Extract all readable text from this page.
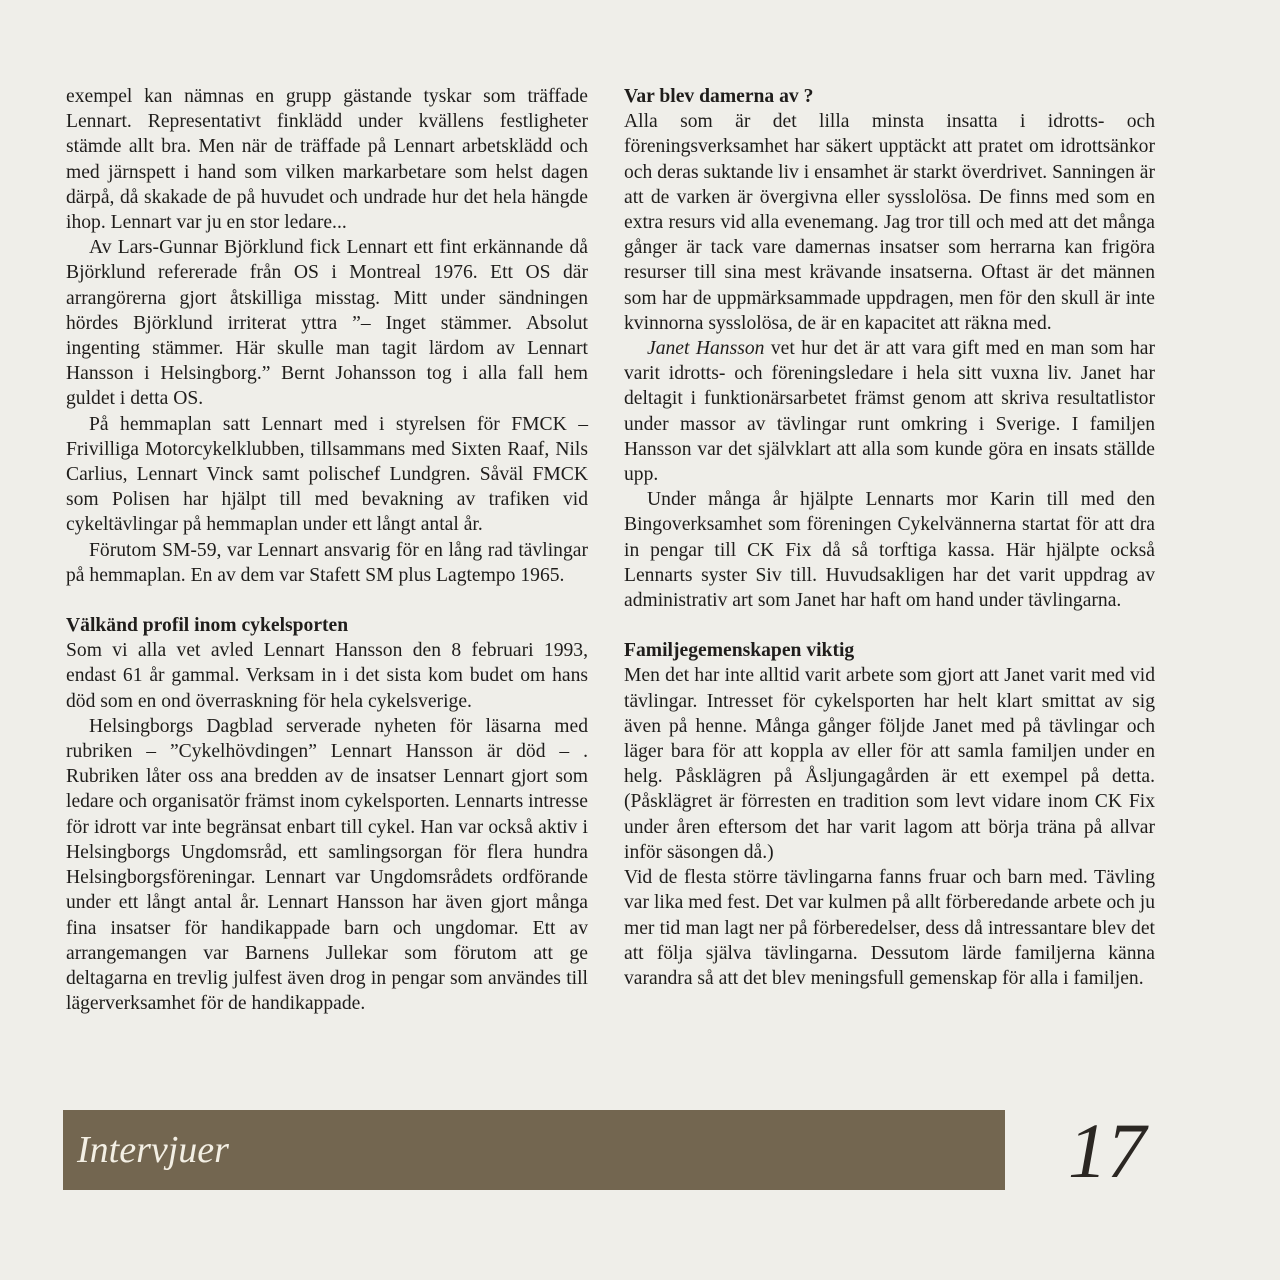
exempel kan nämnas en grupp gästande tyskar som träffade Lennart. Representativt finklädd under kvällens festligheter stämde allt bra. Men när de träffade på Lennart arbetsklädd och med järnspett i hand som vilken markarbetare som helst dagen därpå, då skakade de på huvudet och undrade hur det hela hängde ihop. Lennart var ju en stor ledare...

Av Lars-Gunnar Björklund fick Lennart ett fint erkännande då Björklund refererade från OS i Montreal 1976. Ett OS där arrangörerna gjort åtskilliga misstag. Mitt under sändningen hördes Björklund irriterat yttra ”– Inget stämmer. Absolut ingenting stämmer. Här skulle man tagit lärdom av Lennart Hansson i Helsingborg.” Bernt Johansson tog i alla fall hem guldet i detta OS.

På hemmaplan satt Lennart med i styrelsen för FMCK – Frivilliga Motorcykelklubben, tillsammans med Sixten Raaf, Nils Carlius, Lennart Vinck samt polischef Lundgren. Såväl FMCK som Polisen har hjälpt till med bevakning av trafiken vid cykeltävlingar på hemmaplan under ett långt antal år.

Förutom SM-59, var Lennart ansvarig för en lång rad tävlingar på hemmaplan. En av dem var Stafett SM plus Lagtempo 1965.

Välkänd profil inom cykelsporten

Som vi alla vet avled Lennart Hansson den 8 februari 1993, endast 61 år gammal. Verksam in i det sista kom budet om hans död som en ond överraskning för hela cykelsverige.

Helsingborgs Dagblad serverade nyheten för läsarna med rubriken – ”Cykelhövdingen” Lennart Hansson är död – . Rubriken låter oss ana bredden av de insatser Lennart gjort som ledare och organisatör främst inom cykelsporten. Lennarts intresse för idrott var inte begränsat enbart till cykel. Han var också aktiv i Helsingborgs Ungdomsråd, ett samlingsorgan för flera hundra Helsingborgsföreningar. Lennart var Ungdomsrådets ordförande under ett långt antal år. Lennart Hansson har även gjort många fina insatser för handikappade barn och ungdomar. Ett av arrangemangen var Barnens Jullekar som förutom att ge deltagarna en trevlig julfest även drog in pengar som användes till lägerverksamhet för de handikappade.

Var blev damerna av ?

Alla som är det lilla minsta insatta i idrotts- och föreningsverksamhet har säkert upptäckt att pratet om idrottsänkor och deras suktande liv i ensamhet är starkt överdrivet. Sanningen är att de varken är övergivna eller sysslolösa. De finns med som en extra resurs vid alla evenemang. Jag tror till och med att det många gånger är tack vare damernas insatser som herrarna kan frigöra resurser till sina mest krävande insatserna. Oftast är det männen som har de uppmärksammade uppdragen, men för den skull är inte kvinnorna sysslolösa, de är en kapacitet att räkna med.

Janet Hansson vet hur det är att vara gift med en man som har varit idrotts- och föreningsledare i hela sitt vuxna liv. Janet har deltagit i funktionärsarbetet främst genom att skriva resultatlistor under massor av tävlingar runt omkring i Sverige. I familjen Hansson var det självklart att alla som kunde göra en insats ställde upp.

Under många år hjälpte Lennarts mor Karin till med den Bingoverksamhet som föreningen Cykelvännerna startat för att dra in pengar till CK Fix då så torftiga kassa. Här hjälpte också Lennarts syster Siv till. Huvudsakligen har det varit uppdrag av administrativ art som Janet har haft om hand under tävlingarna.

Familjegemenskapen viktig

Men det har inte alltid varit arbete som gjort att Janet varit med vid tävlingar. Intresset för cykelsporten har helt klart smittat av sig även på henne. Många gånger följde Janet med på tävlingar och läger bara för att koppla av eller för att samla familjen under en helg. Påsklägren på Åsljungagården är ett exempel på detta. (Påsklägret är förresten en tradition som levt vidare inom CK Fix under åren eftersom det har varit lagom att börja träna på allvar inför säsongen då.)

Vid de flesta större tävlingarna fanns fruar och barn med. Tävling var lika med fest. Det var kulmen på allt förberedande arbete och ju mer tid man lagt ner på förberedelser, dess då intressantare blev det att följa själva tävlingarna. Dessutom lärde familjerna känna varandra så att det blev meningsfull gemenskap för alla i familjen.

Intervjuer	17
